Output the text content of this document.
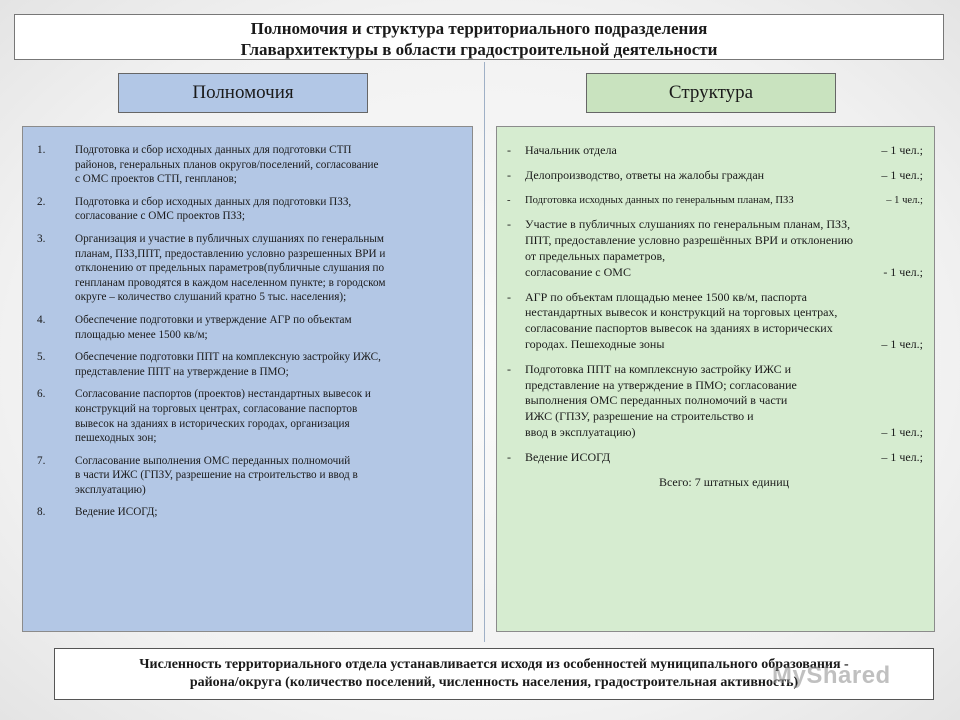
Полномочия и структура территориального подразделения
Главархитектуры в области градостроительной деятельности
Полномочия	Структура
1.	Подготовка и сбор исходных данных для подготовки СТП
районов, генеральных планов округов/поселений, согласование
с ОМС проектов СТП, генпланов;
2.	Подготовка и сбор исходных данных для подготовки ПЗЗ,
согласование с ОМС проектов ПЗЗ;
3.	Организация и участие в публичных слушаниях по генеральным
планам, ПЗЗ,ППТ, предоставлению условно разрешенных ВРИ и
отклонению от предельных параметров(публичные слушания по
генпланам проводятся в каждом населенном пункте; в городском
округе – количество слушаний кратно 5 тыс. населения);
4.	Обеспечение подготовки и утверждение АГР по объектам
площадью менее 1500 кв/м;
5.	Обеспечение подготовки ППТ на комплексную застройку ИЖС,
представление ППТ на утверждение в ПМО;
6.	Согласование паспортов (проектов) нестандартных вывесок и
конструкций на торговых центрах, согласование паспортов
вывесок на зданиях в исторических городах, организация
пешеходных зон;
7.	Согласование выполнения ОМС переданных полномочий
в части ИЖС (ГПЗУ, разрешение на строительство и ввод в
эксплуатацию)
8.	Ведение ИСОГД;
-	Начальник отдела	– 1 чел.;
-	Делопроизводство, ответы на жалобы граждан	– 1 чел.;
-	Подготовка исходных данных по генеральным планам, ПЗЗ	– 1 чел.;
-	Участие в публичных слушаниях по генеральным планам, ПЗЗ,
ППТ, предоставление условно разрешённых ВРИ и отклонению
от предельных параметров,
согласование с ОМС	- 1 чел.;
-	АГР по объектам площадью менее 1500 кв/м, паспорта
нестандартных вывесок и конструкций на торговых центрах,
согласование паспортов вывесок на зданиях в исторических
городах. Пешеходные зоны	– 1 чел.;
-	Подготовка ППТ на комплексную застройку ИЖС и
представление на утверждение в ПМО; согласование
выполнения ОМС переданных полномочий в части
ИЖС (ГПЗУ, разрешение на строительство и
ввод в эксплуатацию)	– 1 чел.;
-	Ведение ИСОГД	– 1 чел.;
Всего: 7 штатных единиц
Численность территориального отдела устанавливается исходя из особенностей муниципального образования -
района/округа (количество поселений, численность населения, градостроительная активность)
MyShared
